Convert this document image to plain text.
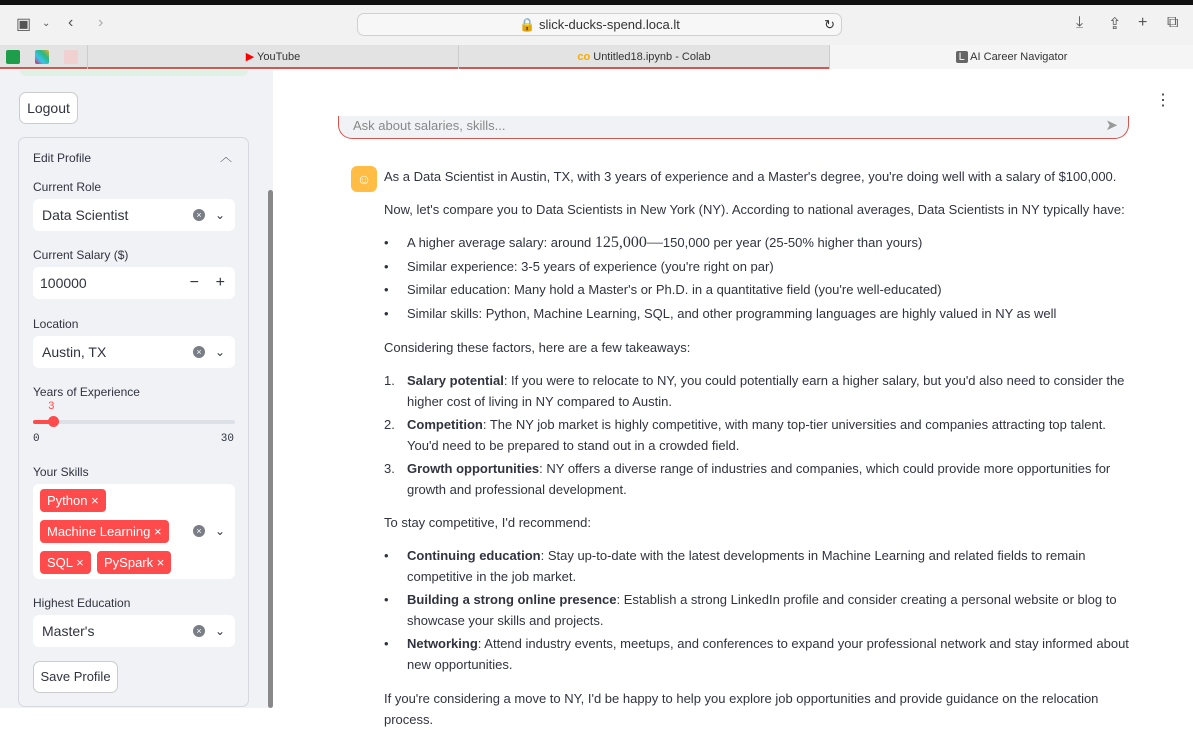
▣ ⌄ ‹ ›	🔒 slick-ducks-spend.loca.lt	↻	⤓ ⇪ + ⧉
▶ YouTube	co Untitled18.ipynb - Colab	L AI Career Navigator
Logout
Edit Profile	︿
Current Role
Data Scientist	× ⌄
Current Salary ($)
100000	− +
Location
Austin, TX	× ⌄
Years of Experience
3
0	30
Your Skills
Python ×
Machine Learning ×
SQL ×	PySpark ×
× ⌄
Highest Education
Master's	× ⌄
Save Profile
⋮
Ask about salaries, skills...	➤
☺ As a Data Scientist in Austin, TX, with 3 years of experience and a Master's degree, you're doing well with a salary of $100,000.
Now, let's compare you to Data Scientists in New York (NY). According to national averages, Data Scientists in NY typically have:
• A higher average salary: around 125,000—150,000 per year (25-50% higher than yours)
• Similar experience: 3-5 years of experience (you're right on par)
• Similar education: Many hold a Master's or Ph.D. in a quantitative field (you're well-educated)
• Similar skills: Python, Machine Learning, SQL, and other programming languages are highly valued in NY as well
Considering these factors, here are a few takeaways:
1. Salary potential: If you were to relocate to NY, you could potentially earn a higher salary, but you'd also need to consider the higher cost of living in NY compared to Austin.
2. Competition: The NY job market is highly competitive, with many top-tier universities and companies attracting top talent. You'd need to be prepared to stand out in a crowded field.
3. Growth opportunities: NY offers a diverse range of industries and companies, which could provide more opportunities for growth and professional development.
To stay competitive, I'd recommend:
• Continuing education: Stay up-to-date with the latest developments in Machine Learning and related fields to remain competitive in the job market.
• Building a strong online presence: Establish a strong LinkedIn profile and consider creating a personal website or blog to showcase your skills and projects.
• Networking: Attend industry events, meetups, and conferences to expand your professional network and stay informed about new opportunities.
If you're considering a move to NY, I'd be happy to help you explore job opportunities and provide guidance on the relocation process.
